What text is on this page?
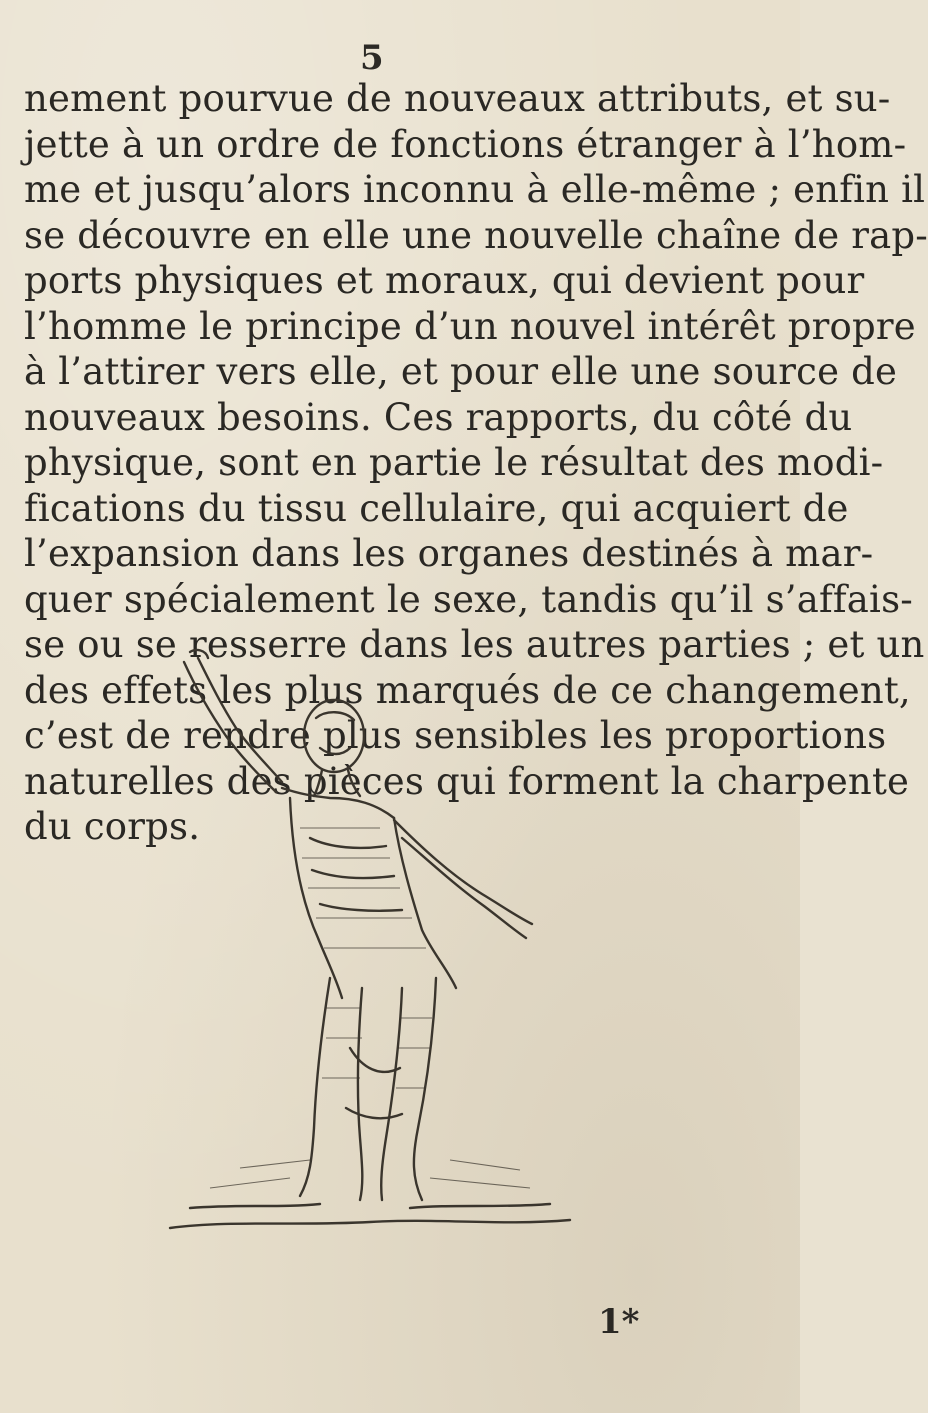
5
nement pourvue de nouveaux attributs, et su-
jette à un ordre de fonctions étranger à l’hom-
me et jusqu’alors inconnu à elle-même ; enfin il
se découvre en elle une nouvelle chaîne de rap-
ports physiques et moraux, qui devient pour
l’homme le principe d’un nouvel intérêt propre
à l’attirer vers elle, et pour elle une source de
nouveaux besoins. Ces rapports, du côté du
physique, sont en partie le résultat des modi-
fications du tissu cellulaire, qui acquiert de
l’expansion dans les organes destinés à mar-
quer spécialement le sexe, tandis qu’il s’affais-
se ou se resserre dans les autres parties ; et un
des effets les plus marqués de ce changement,
c’est de rendre plus sensibles les proportions
naturelles des pièces qui forment la charpente
du corps.
1*
